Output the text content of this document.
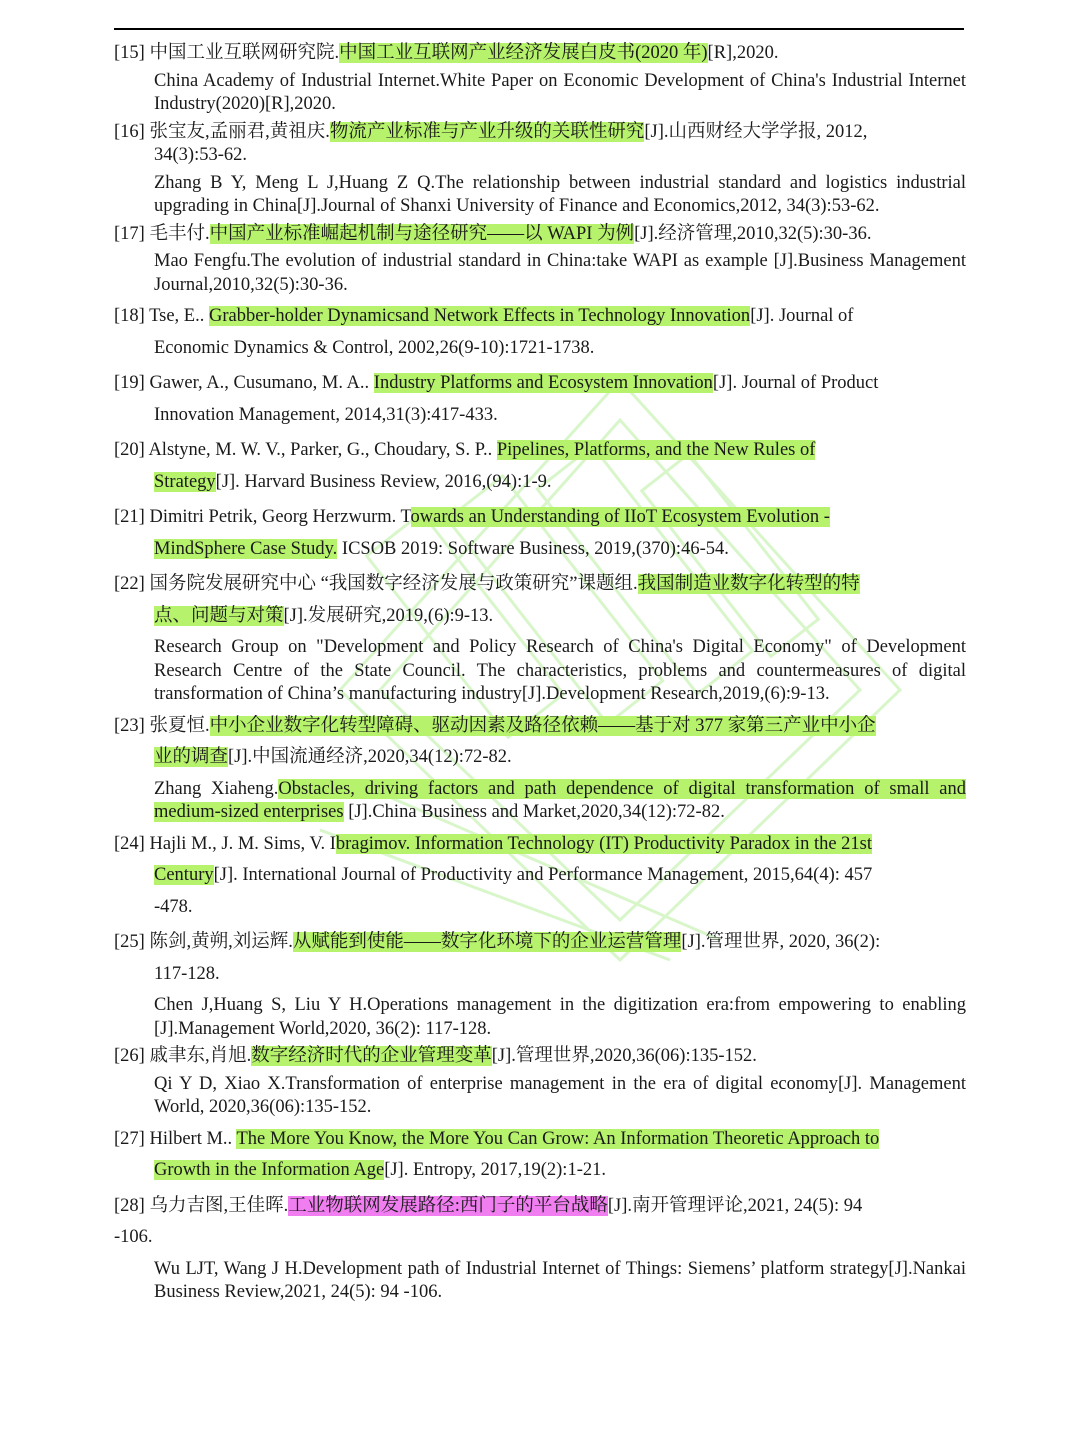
[15] 中国工业互联网研究院.中国工业互联网产业经济发展白皮书(2020 年)[R],2020.
China Academy of Industrial Internet.White Paper on Economic Development of China's Industrial Internet Industry(2020)[R],2020.
[16] 张宝友,孟丽君,黄祖庆.物流产业标准与产业升级的关联性研究[J].山西财经大学学报, 2012,
34(3):53-62.
Zhang B Y, Meng L J,Huang Z Q.The relationship between industrial standard and logistics industrial upgrading in China[J].Journal of Shanxi University of Finance and Economics,2012, 34(3):53-62.
[17] 毛丰付.中国产业标准崛起机制与途径研究——以 WAPI 为例[J].经济管理,2010,32(5):30-36.
Mao Fengfu.The evolution of industrial standard in China:take WAPI as example [J].Business Management Journal,2010,32(5):30-36.
[18] Tse, E.. Grabber-holder Dynamicsand Network Effects in Technology Innovation[J]. Journal of
Economic Dynamics & Control, 2002,26(9-10):1721-1738.
[19] Gawer, A., Cusumano, M. A.. Industry Platforms and Ecosystem Innovation[J]. Journal of Product
Innovation Management, 2014,31(3):417-433.
[20] Alstyne, M. W. V., Parker, G., Choudary, S. P.. Pipelines, Platforms, and the New Rules of
Strategy[J]. Harvard Business Review, 2016,(94):1-9.
[21] Dimitri Petrik, Georg Herzwurm. Towards an Understanding of IIoT Ecosystem Evolution -
MindSphere Case Study. ICSOB 2019: Software Business, 2019,(370):46-54.
[22] 国务院发展研究中心 “我国数字经济发展与政策研究”课题组.我国制造业数字化转型的特
点、问题与对策[J].发展研究,2019,(6):9-13.
Research Group on "Development and Policy Research of China's Digital Economy" of Development Research Centre of the State Council. The characteristics, problems and countermeasures of digital transformation of China’s manufacturing industry[J].Development Research,2019,(6):9-13.
[23] 张夏恒.中小企业数字化转型障碍、驱动因素及路径依赖——基于对 377 家第三产业中小企
业的调查[J].中国流通经济,2020,34(12):72-82.
Zhang Xiaheng.Obstacles, driving factors and path dependence of digital transformation of small and medium-sized enterprises [J].China Business and Market,2020,34(12):72-82.
[24] Hajli M., J. M. Sims, V. Ibragimov. Information Technology (IT) Productivity Paradox in the 21st
Century[J]. International Journal of Productivity and Performance Management, 2015,64(4): 457
-478.
[25] 陈剑,黄朔,刘运辉.从赋能到使能——数字化环境下的企业运营管理[J].管理世界, 2020, 36(2):
117-128.
Chen J,Huang S, Liu Y H.Operations management in the digitization era:from empowering to enabling [J].Management World,2020, 36(2): 117-128.
[26] 戚聿东,肖旭.数字经济时代的企业管理变革[J].管理世界,2020,36(06):135-152.
Qi Y D, Xiao X.Transformation of enterprise management in the era of digital economy[J]. Management World, 2020,36(06):135-152.
[27] Hilbert M.. The More You Know, the More You Can Grow: An Information Theoretic Approach to
Growth in the Information Age[J]. Entropy, 2017,19(2):1-21.
[28] 乌力吉图,王佳晖.工业物联网发展路径:西门子的平台战略[J].南开管理评论,2021, 24(5): 94
-106.
Wu LJT, Wang J H.Development path of Industrial Internet of Things: Siemens’ platform strategy[J].Nankai Business Review,2021, 24(5): 94 -106.
